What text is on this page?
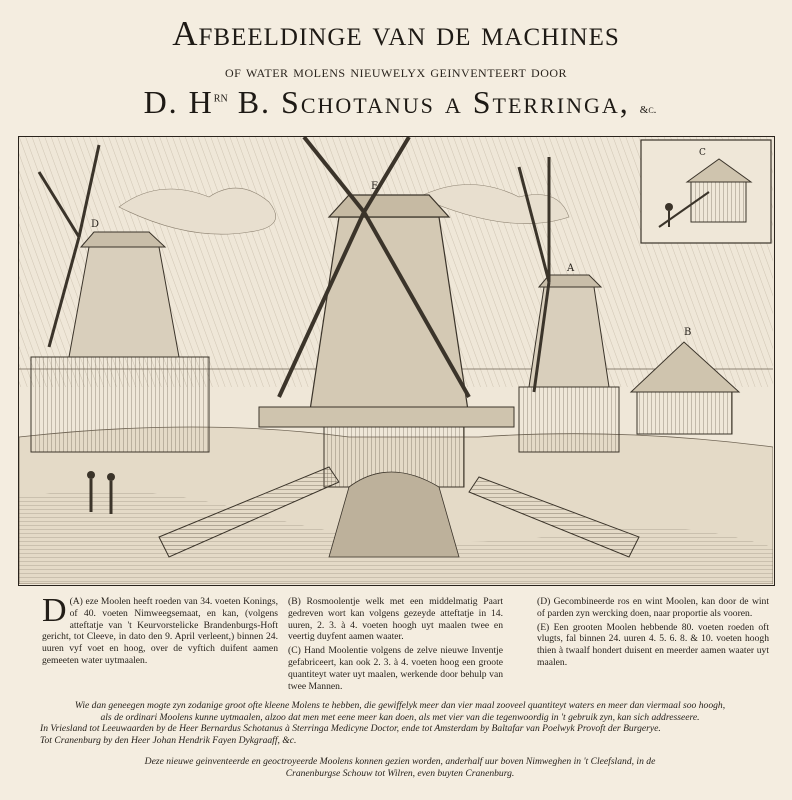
Afbeeldinge van de machines
of water molens nieuwelyx geinventeert door
D. $H^{rn}$ B. Schotanus a Sterringa, &c.
D
E
A
B
C

(A)
D eze Moolen heeft roeden van 34. voeten Konings, of 40. voeten Nimweegsemaat, en kan, (volgens atteftatje van 't Keurvorstelicke Brandenburgs-Hoft gericht, tot Cleeve, in dato den 9. April verleent,) binnen 24. uuren vyf voet en hoog, over de vyftich duifent aamen gemeeten water uytmaalen.

(B) Rosmoolentje welk met een middelmatig Paart gedreven wort kan volgens gezeyde atteftatje in 14. uuren, 2. 3. à 4. voeten hoogh uyt maalen twee en veertig duyfent aamen waater.

(C) Hand Moolentie volgens de zelve nieuwe Inventje gefabriceert, kan ook 2. 3. à 4. voeten hoog een groote quantiteyt water uyt maalen, werkende door behulp van twee Mannen.

(D) Gecombineerde ros en wint Moolen, kan door de wint of parden zyn wercking doen, naar proportie als vooren.

(E) Een grooten Moolen hebbende 80. voeten roeden oft vlugts, fal binnen 24. uuren 4. 5. 6. 8. & 10. voeten hoogh thien à twaalf hondert duisent en meerder aamen waater uyt maalen.

Wie dan geneegen mogte zyn zodanige groot ofte kleene Molens te hebben, die gewiffelyk meer dan vier maal zooveel quantiteyt waters en meer dan viermaal soo hoogh,

als de ordinari Moolens kunne uytmaalen, alzoo dat men met eene meer kan doen, als met vier van die tegenwoordig in 't gebruik zyn, kan sich addresseere.

In Vriesland tot Leeuwaarden by de Heer Bernardus Schotanus à Sterringa Medicyne Doctor, ende tot Amsterdam by Baltafar van Poelwyk Provoft der Burgerye.

Tot Cranenburg by den Heer Johan Hendrik Fayen Dykgraaff, &c.

Deze nieuwe geinventeerde en geoctroyeerde Moolens konnen gezien worden, anderhalf uur boven Nimweghen in 't Cleefsland, in de

Cranenburgse Schouw tot Wilren, even buyten Cranenburg.
